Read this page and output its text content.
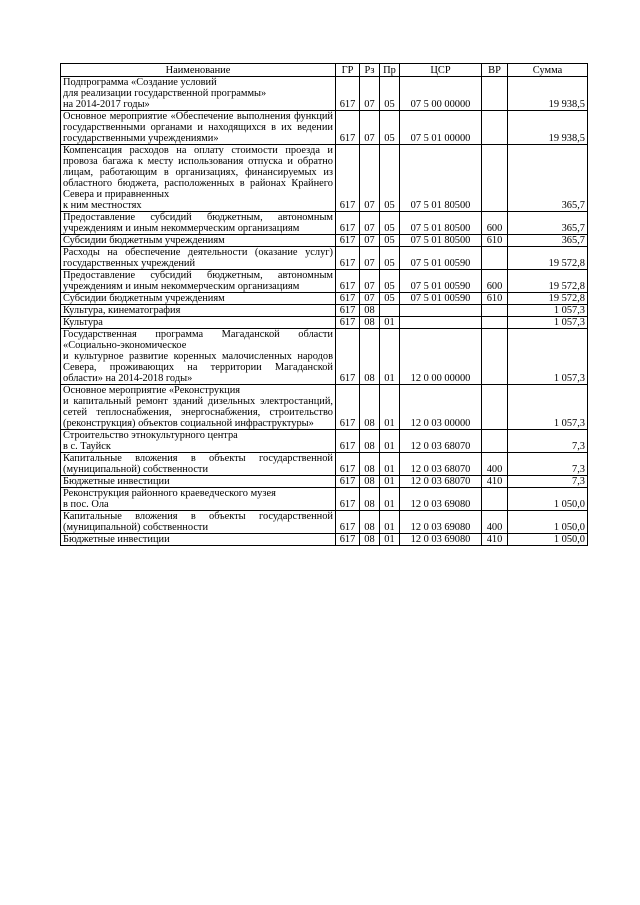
Наименование	ГР	Рз	Пр	ЦСР	ВР	Сумма
Подпрограмма «Создание условий
для реализации государственной программы»
на 2014-2017 годы»	617	07	05	07 5 00 00000		19 938,5
Основное мероприятие «Обеспечение выполнения функций государственными органами и находящихся в их ведении государственными учреждениями»	617	07	05	07 5 01 00000		19 938,5
Компенсация расходов на оплату стоимости проезда и провоза багажа к месту использования отпуска и обратно лицам, работающим в организациях, финансируемых из областного бюджета, расположенных в районах Крайнего Севера и приравненных
к ним местностях	617	07	05	07 5 01 80500		365,7
Предоставление субсидий бюджетным, автономным учреждениям и иным некоммерческим организациям	617	07	05	07 5 01 80500	600	365,7
Субсидии бюджетным учреждениям	617	07	05	07 5 01 80500	610	365,7
Расходы на обеспечение деятельности (оказание услуг) государственных учреждений	617	07	05	07 5 01 00590		19 572,8
Предоставление субсидий бюджетным, автономным учреждениям и иным некоммерческим организациям	617	07	05	07 5 01 00590	600	19 572,8
Субсидии бюджетным учреждениям	617	07	05	07 5 01 00590	610	19 572,8
Культура, кинематография	617	08				1 057,3
Культура	617	08	01			1 057,3
Государственная программа Магаданской области «Социально-экономическое
и культурное развитие коренных малочисленных народов Севера, проживающих на территории Магаданской области» на 2014-2018 годы»	617	08	01	12 0 00 00000		1 057,3
Основное мероприятие «Реконструкция
и капитальный ремонт зданий дизельных электростанций, сетей теплоснабжения, энергоснабжения, строительство (реконструкция) объектов социальной инфраструктуры»	617	08	01	12 0 03 00000		1 057,3
Строительство этнокультурного центра
в с. Тауйск	617	08	01	12 0 03 68070		7,3
Капитальные вложения в объекты государственной (муниципальной) собственности	617	08	01	12 0 03 68070	400	7,3
Бюджетные инвестиции	617	08	01	12 0 03 68070	410	7,3
Реконструкция районного краеведческого музея
в пос. Ола	617	08	01	12 0 03 69080		1 050,0
Капитальные вложения в объекты государственной (муниципальной) собственности	617	08	01	12 0 03 69080	400	1 050,0
Бюджетные инвестиции	617	08	01	12 0 03 69080	410	1 050,0
